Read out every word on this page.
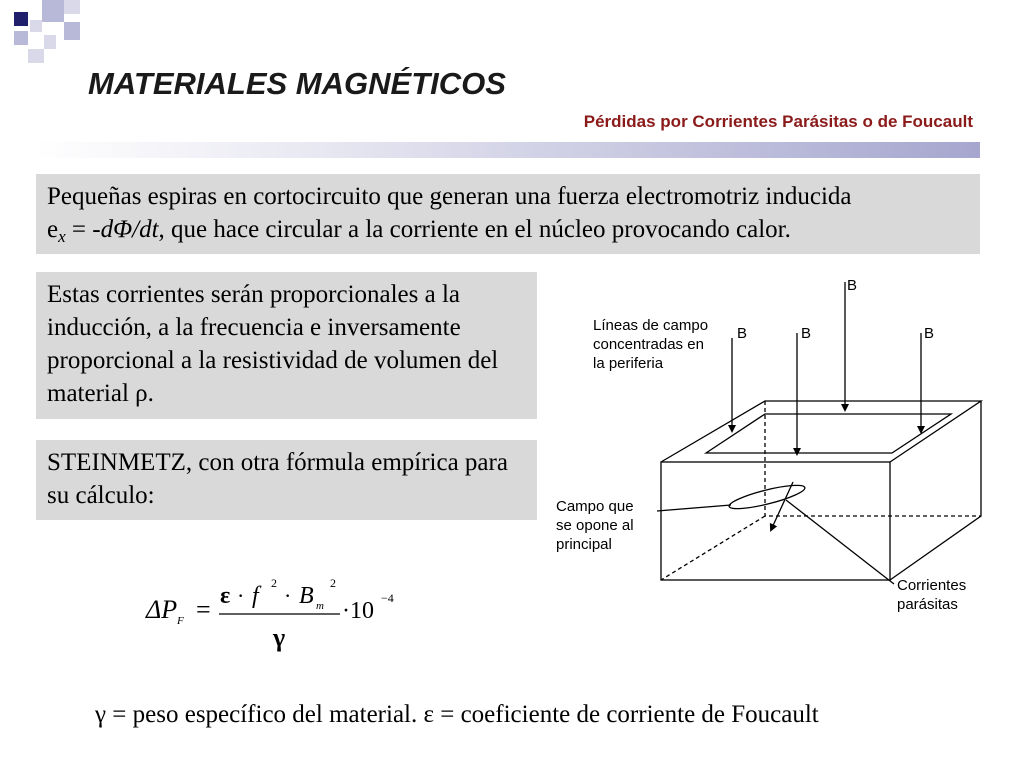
MATERIALES MAGNÉTICOS
Pérdidas por Corrientes Parásitas o de Foucault
Pequeñas espiras en cortocircuito que generan una fuerza electromotriz inducida
$e_x = -d\Phi/dt$, que hace circular a la corriente en el núcleo provocando calor.
Estas corrientes serán proporcionales a la inducción, a la frecuencia e inversamente proporcional a la resistividad de volumen del material ρ.
STEINMETZ, con otra fórmula empírica para su cálculo:
Líneas de campo
concentradas en
la periferia
Campo que
se opone al
principal
Corrientes
parásitas
B
B	B	B
ΔP F = ε · f 2 · B m
2
γ
·10 −4
γ = peso específico del material. ε = coeficiente de corriente de Foucault
